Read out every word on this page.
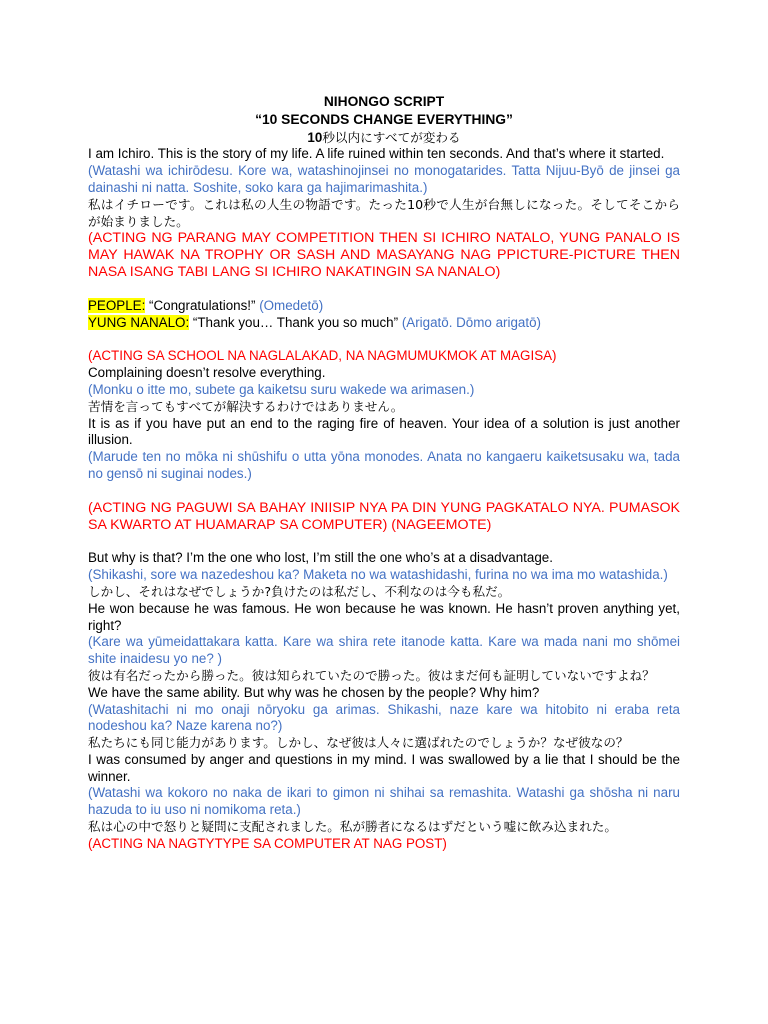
NIHONGO SCRIPT
“10 SECONDS CHANGE EVERYTHING”
10秒以内にすべてが変わる

I am Ichiro. This is the story of my life. A life ruined within ten seconds. And that’s where it started.

(Watashi wa ichirōdesu. Kore wa, watashinojinsei no monogatarides. Tatta Nijuu-Byō de jinsei ga dainashi ni natta. Soshite, soko kara ga hajimarimashita.)

私はイチローです。これは私の人生の物語です。たった10秒で人生が台無しになった。そしてそこからが始まりました。

(ACTING NG PARANG MAY COMPETITION THEN SI ICHIRO NATALO, YUNG PANALO IS MAY HAWAK NA TROPHY OR SASH AND MASAYANG NAG PPICTURE-PICTURE THEN NASA ISANG TABI LANG SI ICHIRO NAKATINGIN SA NANALO)

PEOPLE: “Congratulations!” (Omedetō)

YUNG NANALO: “Thank you… Thank you so much” (Arigatō. Dōmo arigatō)

(ACTING SA SCHOOL NA NAGLALAKAD, NA NAGMUMUKMOK AT MAGISA)

Complaining doesn’t resolve everything.

(Monku o itte mo, subete ga kaiketsu suru wakede wa arimasen.)

苦情を言ってもすべてが解決するわけではありません。

It is as if you have put an end to the raging fire of heaven. Your idea of a solution is just another illusion.

(Marude ten no mōka ni shūshifu o utta yōna monodes. Anata no kangaeru kaiketsusaku wa, tada no gensō ni suginai nodes.)

(ACTING NG PAGUWI SA BAHAY INIISIP NYA PA DIN YUNG PAGKATALO NYA. PUMASOK SA KWARTO AT HUAMARAP SA COMPUTER) (NAGEEMOTE)

But why is that? I’m the one who lost, I’m still the one who’s at a disadvantage.

(Shikashi, sore wa nazedeshou ka? Maketa no wa watashidashi, furina no wa ima mo watashida.)

しかし、それはなぜでしょうか?負けたのは私だし、不利なのは今も私だ。

He won because he was famous. He won because he was known. He hasn’t proven anything yet, right?

(Kare wa yūmeidattakara katta. Kare wa shira rete itanode katta. Kare wa mada nani mo shōmei shite inaidesu yo ne? )

彼は有名だったから勝った。彼は知られていたので勝った。彼はまだ何も証明していないですよね？

We have the same ability. But why was he chosen by the people? Why him?

(Watashitachi ni mo onaji nōryoku ga arimas. Shikashi, naze kare wa hitobito ni eraba reta nodeshou ka? Naze karena no?)

私たちにも同じ能力があります。しかし、なぜ彼は人々に選ばれたのでしょうか？なぜ彼なの？

I was consumed by anger and questions in my mind. I was swallowed by a lie that I should be the winner.

(Watashi wa kokoro no naka de ikari to gimon ni shihai sa remashita. Watashi ga shōsha ni naru hazuda to iu uso ni nomikoma reta.)

私は心の中で怒りと疑問に支配されました。私が勝者になるはずだという嘘に飲み込まれた。

(ACTING NA NAGTYTYPE SA COMPUTER AT NAG POST)
